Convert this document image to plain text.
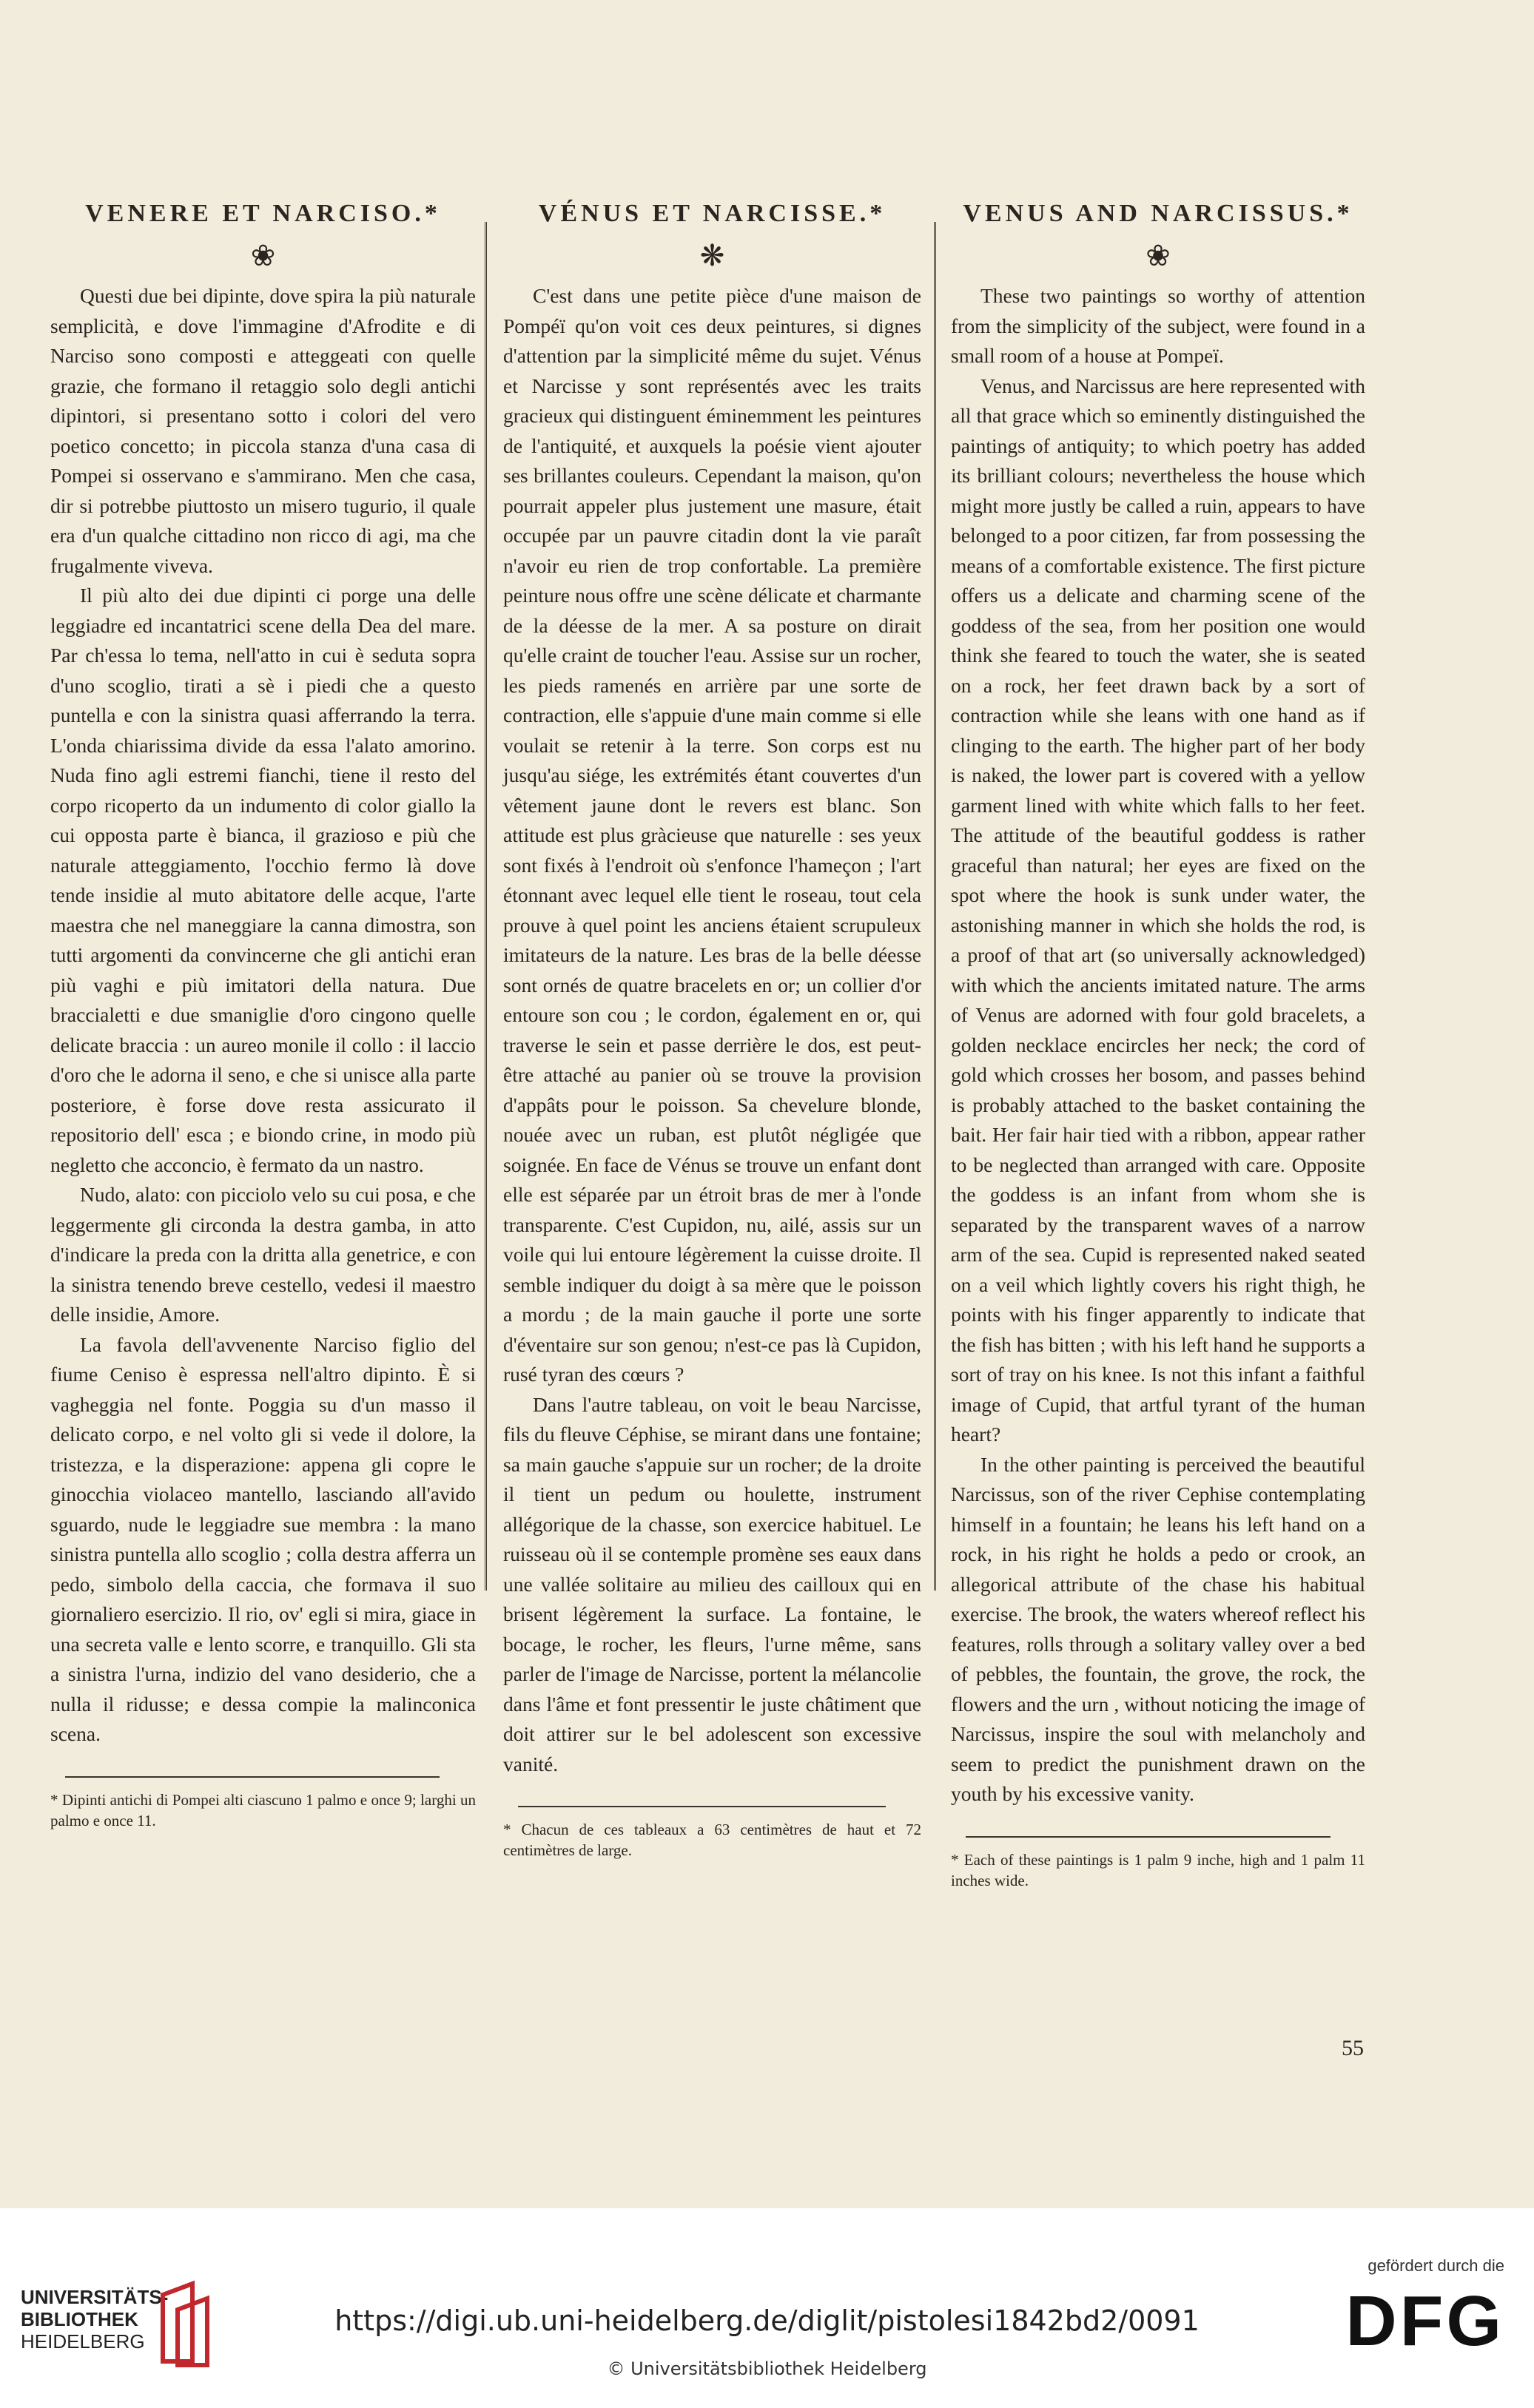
VENERE ET NARCISO.*
❀

Questi due bei dipinte, dove spira la più naturale semplicità, e dove l'immagine d'Afrodite e di Narciso sono composti e atteggeati con quelle grazie, che formano il retaggio solo degli antichi dipintori, si presentano sotto i colori del vero poetico concetto; in piccola stanza d'una casa di Pompei si osservano e s'ammirano. Men che casa, dir si potrebbe piuttosto un misero tugurio, il quale era d'un qualche cittadino non ricco di agi, ma che frugalmente viveva.

Il più alto dei due dipinti ci porge una delle leggiadre ed incantatrici scene della Dea del mare. Par ch'essa lo tema, nell'atto in cui è seduta sopra d'uno scoglio, tirati a sè i piedi che a questo puntella e con la sinistra quasi afferrando la terra. L'onda chiarissima divide da essa l'alato amorino. Nuda fino agli estremi fianchi, tiene il resto del corpo ricoperto da un indumento di color giallo la cui opposta parte è bianca, il grazioso e più che naturale atteggiamento, l'occhio fermo là dove tende insidie al muto abitatore delle acque, l'arte maestra che nel maneggiare la canna dimostra, son tutti argomenti da convincerne che gli antichi eran più vaghi e più imitatori della natura. Due braccialetti e due smaniglie d'oro cingono quelle delicate braccia : un aureo monile il collo : il laccio d'oro che le adorna il seno, e che si unisce alla parte posteriore, è forse dove resta assicurato il repositorio dell' esca ; e biondo crine, in modo più negletto che acconcio, è fermato da un nastro.

Nudo, alato: con picciolo velo su cui posa, e che leggermente gli circonda la destra gamba, in atto d'indicare la preda con la dritta alla genetrice, e con la sinistra tenendo breve cestello, vedesi il maestro delle insidie, Amore.

La favola dell'avvenente Narciso figlio del fiume Ceniso è espressa nell'altro dipinto. È si vagheggia nel fonte. Poggia su d'un masso il delicato corpo, e nel volto gli si vede il dolore, la tristezza, e la disperazione: appena gli copre le ginocchia violaceo mantello, lasciando all'avido sguardo, nude le leggiadre sue membra : la mano sinistra puntella allo scoglio ; colla destra afferra un pedo, simbolo della caccia, che formava il suo giornaliero esercizio. Il rio, ov' egli si mira, giace in una secreta valle e lento scorre, e tranquillo. Gli sta a sinistra l'urna, indizio del vano desiderio, che a nulla il ridusse; e dessa compie la malinconica scena.

* Dipinti antichi di Pompei alti ciascuno 1 palmo e once 9; larghi un palmo e once 11.

VÉNUS ET NARCISSE.*
❋

C'est dans une petite pièce d'une maison de Pompéï qu'on voit ces deux peintures, si dignes d'attention par la simplicité même du sujet. Vénus et Narcisse y sont représentés avec les traits gracieux qui distinguent éminemment les peintures de l'antiquité, et auxquels la poésie vient ajouter ses brillantes couleurs. Cependant la maison, qu'on pourrait appeler plus justement une masure, était occupée par un pauvre citadin dont la vie paraît n'avoir eu rien de trop confortable. La première peinture nous offre une scène délicate et charmante de la déesse de la mer. A sa posture on dirait qu'elle craint de toucher l'eau. Assise sur un rocher, les pieds ramenés en arrière par une sorte de contraction, elle s'appuie d'une main comme si elle voulait se retenir à la terre. Son corps est nu jusqu'au siége, les extrémités étant couvertes d'un vêtement jaune dont le revers est blanc. Son attitude est plus gràcieuse que naturelle : ses yeux sont fixés à l'endroit où s'enfonce l'hameçon ; l'art étonnant avec lequel elle tient le roseau, tout cela prouve à quel point les anciens étaient scrupuleux imitateurs de la nature. Les bras de la belle déesse sont ornés de quatre bracelets en or; un collier d'or entoure son cou ; le cordon, également en or, qui traverse le sein et passe derrière le dos, est peut-être attaché au panier où se trouve la provision d'appâts pour le poisson. Sa chevelure blonde, nouée avec un ruban, est plutôt négligée que soignée. En face de Vénus se trouve un enfant dont elle est séparée par un étroit bras de mer à l'onde transparente. C'est Cupidon, nu, ailé, assis sur un voile qui lui entoure légèrement la cuisse droite. Il semble indiquer du doigt à sa mère que le poisson a mordu ; de la main gauche il porte une sorte d'éventaire sur son genou; n'est-ce pas là Cupidon, rusé tyran des cœurs ?

Dans l'autre tableau, on voit le beau Narcisse, fils du fleuve Céphise, se mirant dans une fontaine; sa main gauche s'appuie sur un rocher; de la droite il tient un pedum ou houlette, instrument allégorique de la chasse, son exercice habituel. Le ruisseau où il se contemple promène ses eaux dans une vallée solitaire au milieu des cailloux qui en brisent légèrement la surface. La fontaine, le bocage, le rocher, les fleurs, l'urne même, sans parler de l'image de Narcisse, portent la mélancolie dans l'âme et font pressentir le juste châtiment que doit attirer sur le bel adolescent son excessive vanité.

* Chacun de ces tableaux a 63 centimètres de haut et 72 centimètres de large.

VENUS AND NARCISSUS.*
❀

These two paintings so worthy of attention from the simplicity of the subject, were found in a small room of a house at Pompeï.

Venus, and Narcissus are here represented with all that grace which so eminently distinguished the paintings of antiquity; to which poetry has added its brilliant colours; nevertheless the house which might more justly be called a ruin, appears to have belonged to a poor citizen, far from possessing the means of a comfortable existence. The first picture offers us a delicate and charming scene of the goddess of the sea, from her position one would think she feared to touch the water, she is seated on a rock, her feet drawn back by a sort of contraction while she leans with one hand as if clinging to the earth. The higher part of her body is naked, the lower part is covered with a yellow garment lined with white which falls to her feet. The attitude of the beautiful goddess is rather graceful than natural; her eyes are fixed on the spot where the hook is sunk under water, the astonishing manner in which she holds the rod, is a proof of that art (so universally acknowledged) with which the ancients imitated nature. The arms of Venus are adorned with four gold bracelets, a golden necklace encircles her neck; the cord of gold which crosses her bosom, and passes behind is probably attached to the basket containing the bait. Her fair hair tied with a ribbon, appear rather to be neglected than arranged with care. Opposite the goddess is an infant from whom she is separated by the transparent waves of a narrow arm of the sea. Cupid is represented naked seated on a veil which lightly covers his right thigh, he points with his finger apparently to indicate that the fish has bitten ; with his left hand he supports a sort of tray on his knee. Is not this infant a faithful image of Cupid, that artful tyrant of the human heart?

In the other painting is perceived the beautiful Narcissus, son of the river Cephise contemplating himself in a fountain; he leans his left hand on a rock, in his right he holds a pedo or crook, an allegorical attribute of the chase his habitual exercise. The brook, the waters whereof reflect his features, rolls through a solitary valley over a bed of pebbles, the fountain, the grove, the rock, the flowers and the urn , without noticing the image of Narcissus, inspire the soul with melancholy and seem to predict the punishment drawn on the youth by his excessive vanity.

* Each of these paintings is 1 palm 9 inche, high and 1 palm 11 inches wide.

55
UNIVERSITÄTS-
BIBLIOTHEK
HEIDELBERG
https://digi.ub.uni-heidelberg.de/diglit/pistolesi1842bd2/0091
© Universitätsbibliothek Heidelberg
gefördert durch die
DFG
